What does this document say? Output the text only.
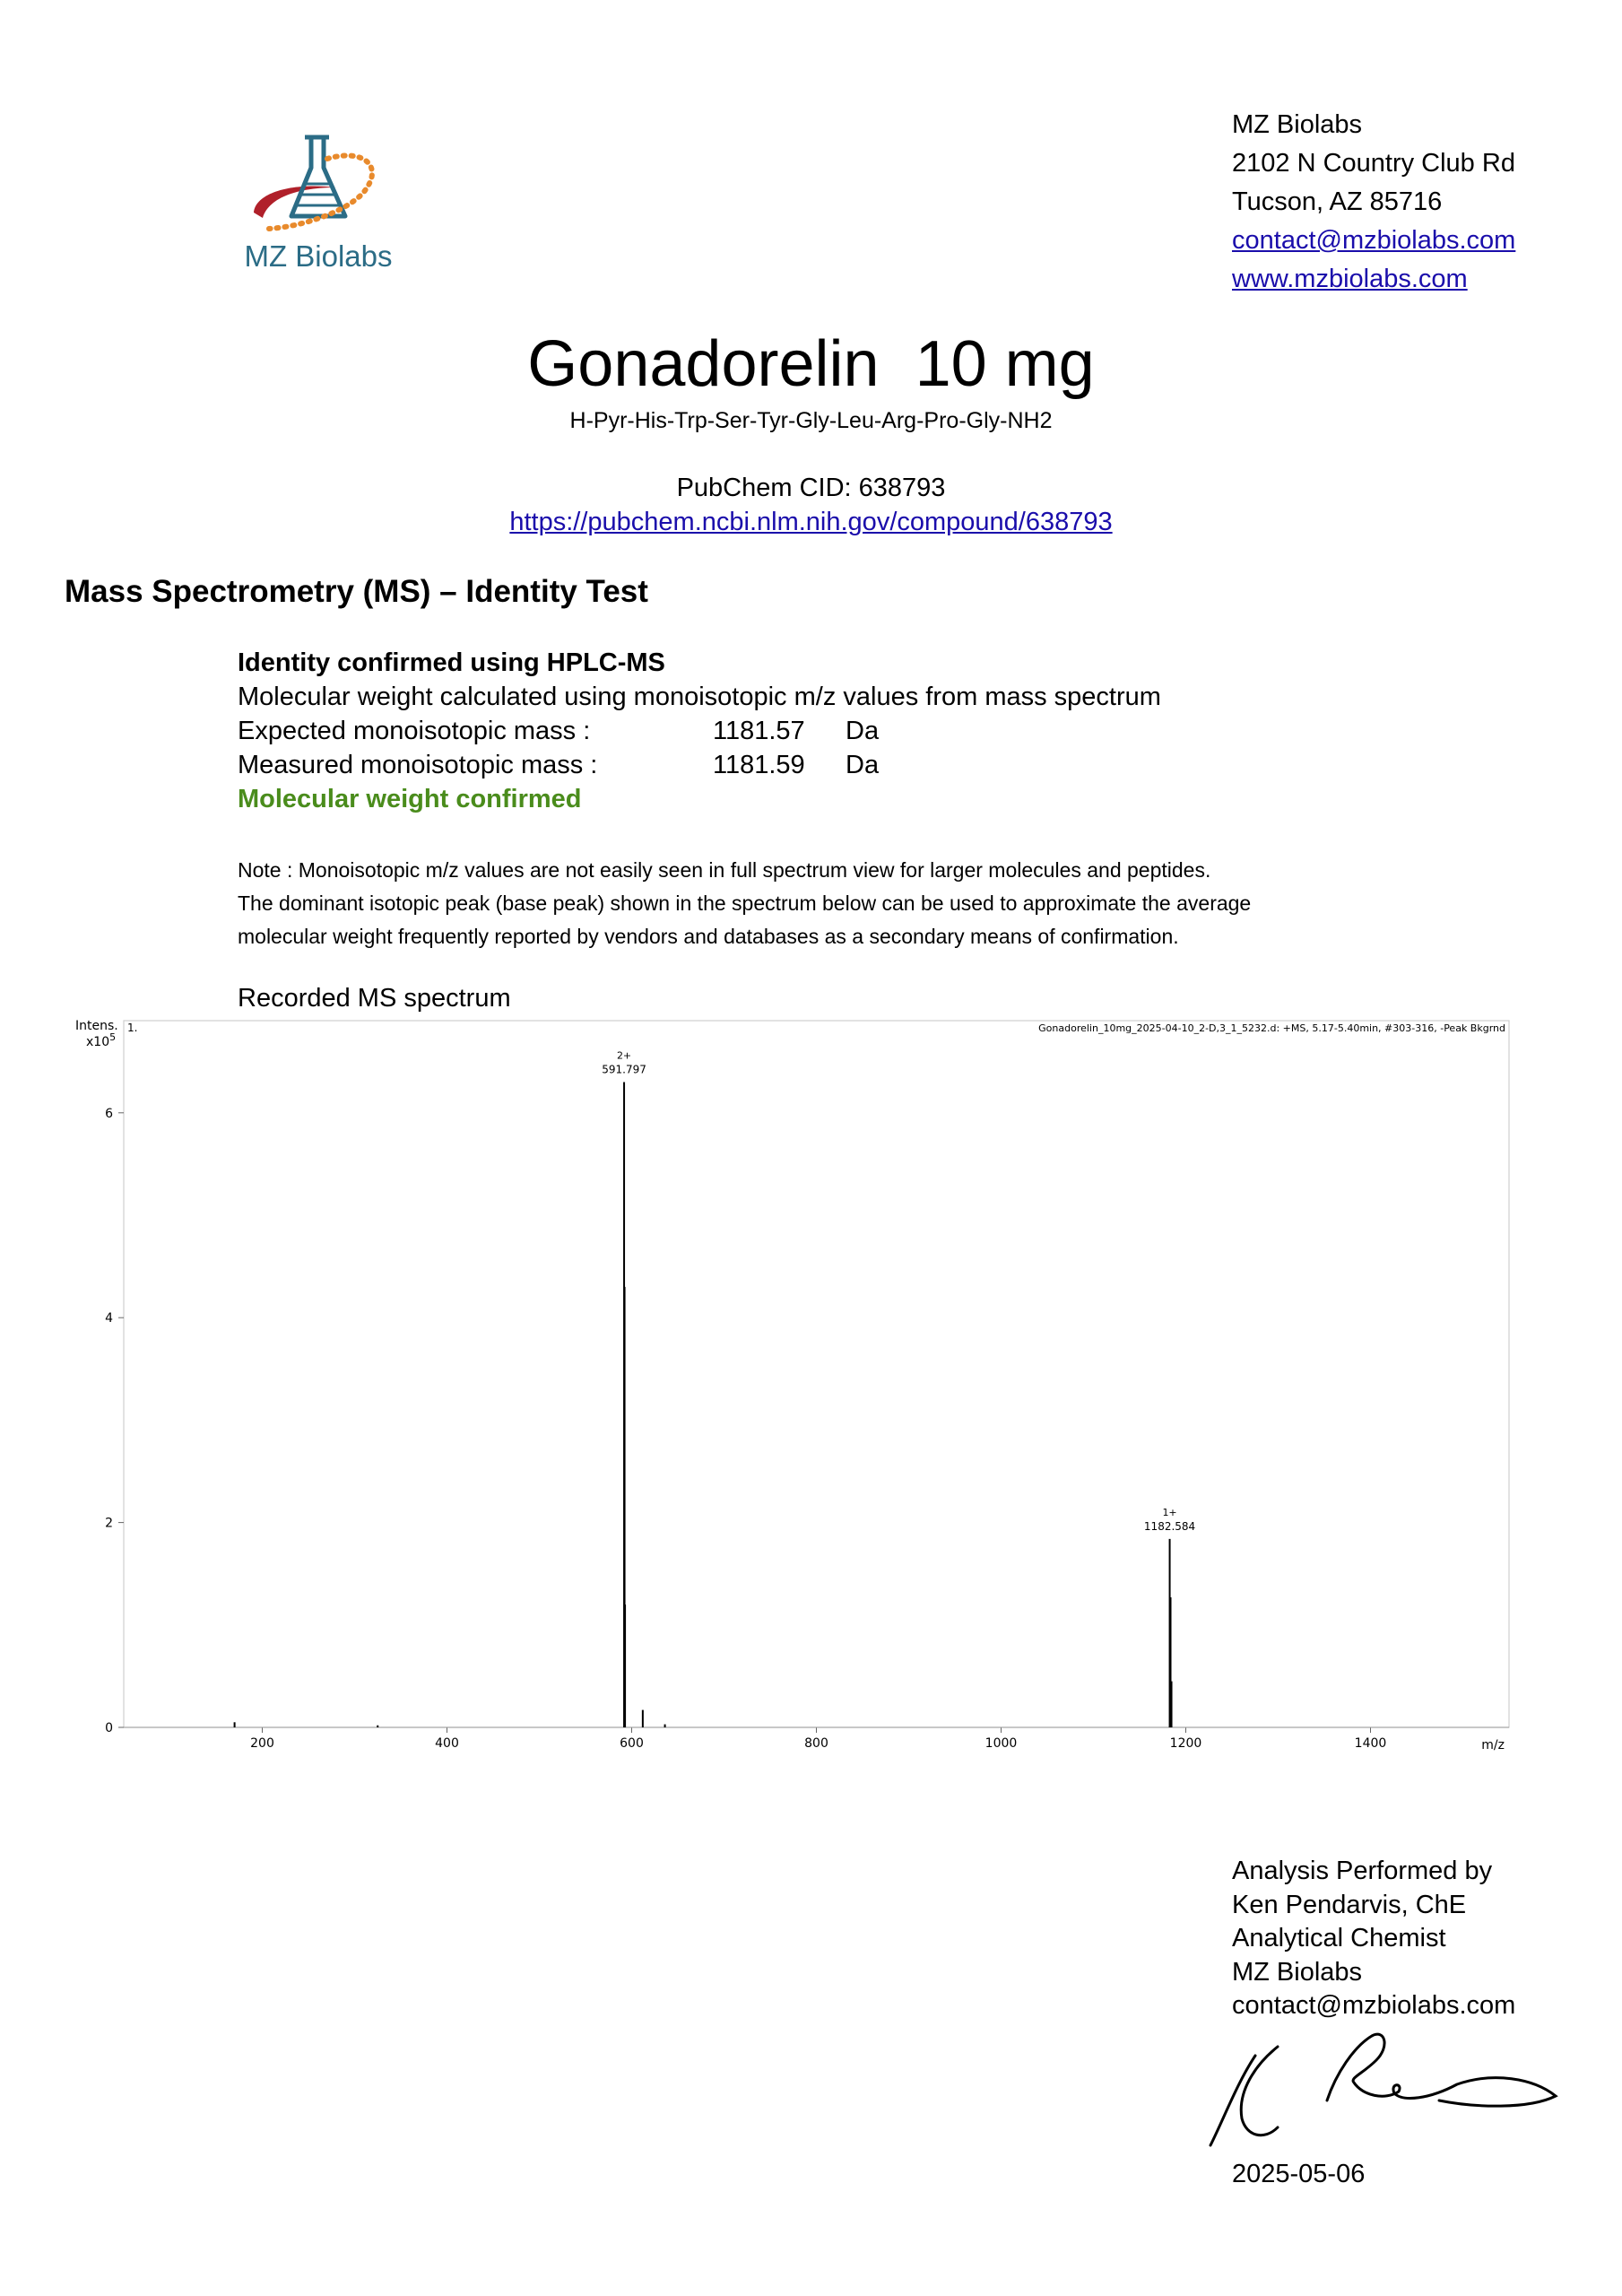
MZ Biolabs
MZ Biolabs
2102 N Country Club Rd
Tucson, AZ 85716
contact@mzbiolabs.com
www.mzbiolabs.com
Gonadorelin  10 mg
H-Pyr-His-Trp-Ser-Tyr-Gly-Leu-Arg-Pro-Gly-NH2
PubChem CID: 638793
https://pubchem.ncbi.nlm.nih.gov/compound/638793
Mass Spectrometry (MS) – Identity Test
Identity confirmed using HPLC-MS
Molecular weight calculated using monoisotopic m/z values from mass spectrum
Expected monoisotopic mass :	1181.57 Da
Measured monoisotopic mass :	1181.59 Da
Molecular weight confirmed
Note : Monoisotopic m/z values are not easily seen in full spectrum view for larger molecules and peptides.
The dominant isotopic peak (base peak) shown in the spectrum below can be used to approximate the average
molecular weight frequently reported by vendors and databases as a secondary means of confirmation.
Recorded MS spectrum
Intens.
$x10^5$
1.	Gonadorelin_10mg_2025-04-10_2-D,3_1_5232.d: +MS, 5.17-5.40min, #303-316, -Peak Bkgrnd
m/z
0
2
4
6
200	400	600	800	1000	1200	1400
2+
591.797
1+
1182.584
Analysis Performed by
Ken Pendarvis, ChE
Analytical Chemist
MZ Biolabs
contact@mzbiolabs.com
2025-05-06
